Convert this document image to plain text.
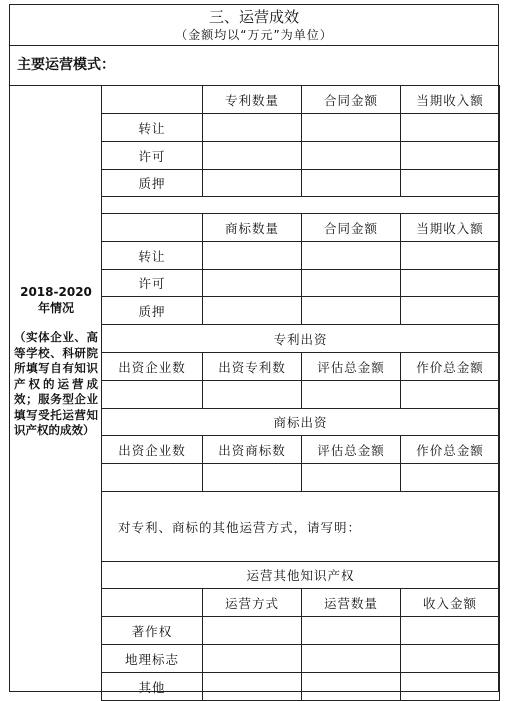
三、运营成效
（金额均以“万元”为单位）
主要运营模式：
2018-2020
年情况
（实体企业、高等学校、科研院所填写自有知识产权的运营成效；服务型企业填写受托运营知识产权的成效）
	专利数量	合同金额	当期收入额
转让			
许可			
质押			

	商标数量	合同金额	当期收入额
转让			
许可			
质押			
专利出资			
出资企业数	出资专利数	评估总金额	作价总金额

商标出资			
出资企业数	出资商标数	评估总金额	作价总金额

对专利、商标的其他运营方式，请写明：			
运营其他知识产权			
	运营方式	运营数量	收入金额
著作权			
地理标志			
其他			
